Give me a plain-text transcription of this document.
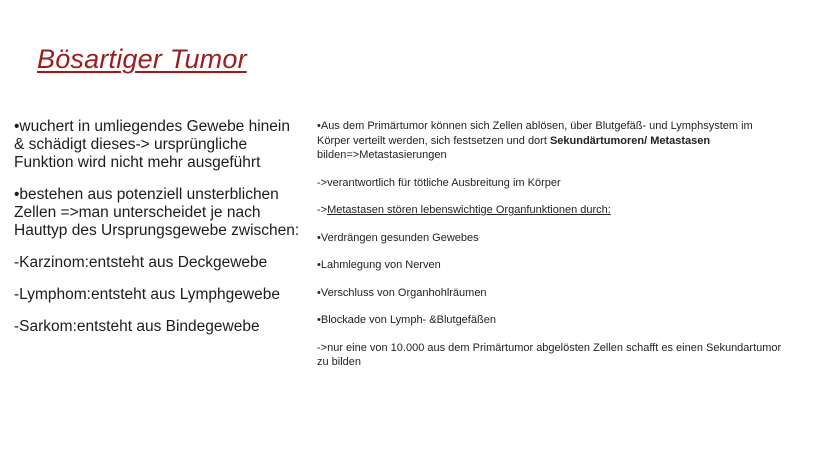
Bösartiger Tumor

•wuchert in umliegendes Gewebe hinein & schädigt dieses-> ursprüngliche Funktion wird nicht mehr ausgeführt

•bestehen aus potenziell unsterblichen Zellen =>man unterscheidet je nach Hauttyp des Ursprungsgewebe zwischen:

-Karzinom:entsteht aus Deckgewebe

-Lymphom:entsteht aus Lymphgewebe

-Sarkom:entsteht aus Bindegewebe

•Aus dem Primärtumor können sich Zellen ablösen, über Blutgefäß- und Lymphsystem im Körper verteilt werden, sich festsetzen und dort Sekundärtumoren/ Metastasen bilden=>Metastasierungen

->verantwortlich für tötliche Ausbreitung im Körper

->Metastasen stören lebenswichtige Organfunktionen durch:

•Verdrängen gesunden Gewebes

•Lahmlegung von Nerven

•Verschluss von Organhohlräumen

•Blockade von Lymph- &Blutgefäßen

->nur eine von 10.000 aus dem Primärtumor abgelösten Zellen schafft es einen Sekundartumor zu bilden
